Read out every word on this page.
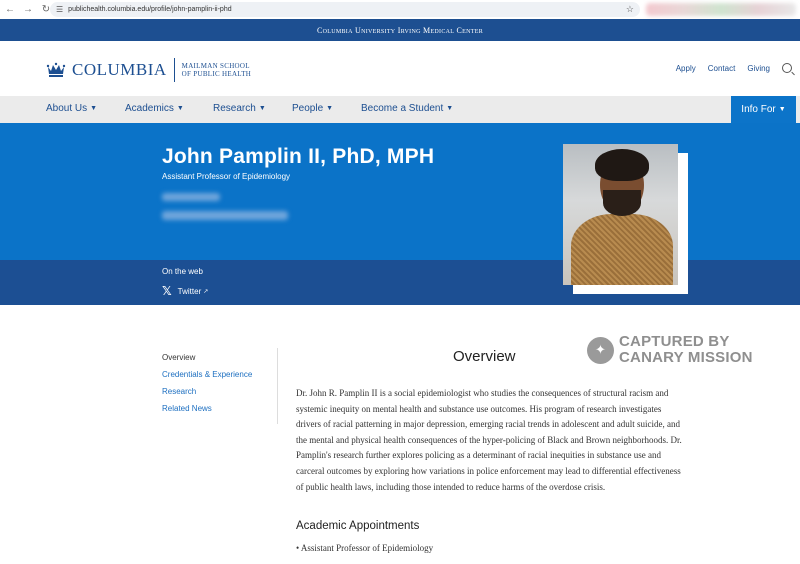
← → ↻ ☰ publichealth.columbia.edu/profile/john-pamplin-ii-phd	☆
Columbia University Irving Medical Center
COLUMBIA MAILMAN SCHOOL
OF PUBLIC HEALTH
Apply Contact Giving
About Us ▼	Academics ▼	Research ▼	People ▼	Become a Student ▼	Info For ▼
John Pamplin II, PhD, MPH
Assistant Professor of Epidemiology
On the web
𝕏 Twitter ↗
Overview
Credentials & Experience
Research
Related News
Overview	✦ CAPTURED BY
CANARY MISSION
Dr. John R. Pamplin II is a social epidemiologist who studies the consequences of structural racism and systemic inequity on mental health and substance use outcomes. His program of research investigates drivers of racial patterning in major depression, emerging racial trends in adolescent and adult suicide, and the mental and physical health consequences of the hyper-policing of Black and Brown neighborhoods. Dr. Pamplin's research further explores policing as a determinant of racial inequities in substance use and carceral outcomes by exploring how variations in police enforcement may lead to differential effectiveness of public health laws, including those intended to reduce harms of the overdose crisis.
Academic Appointments
• Assistant Professor of Epidemiology
